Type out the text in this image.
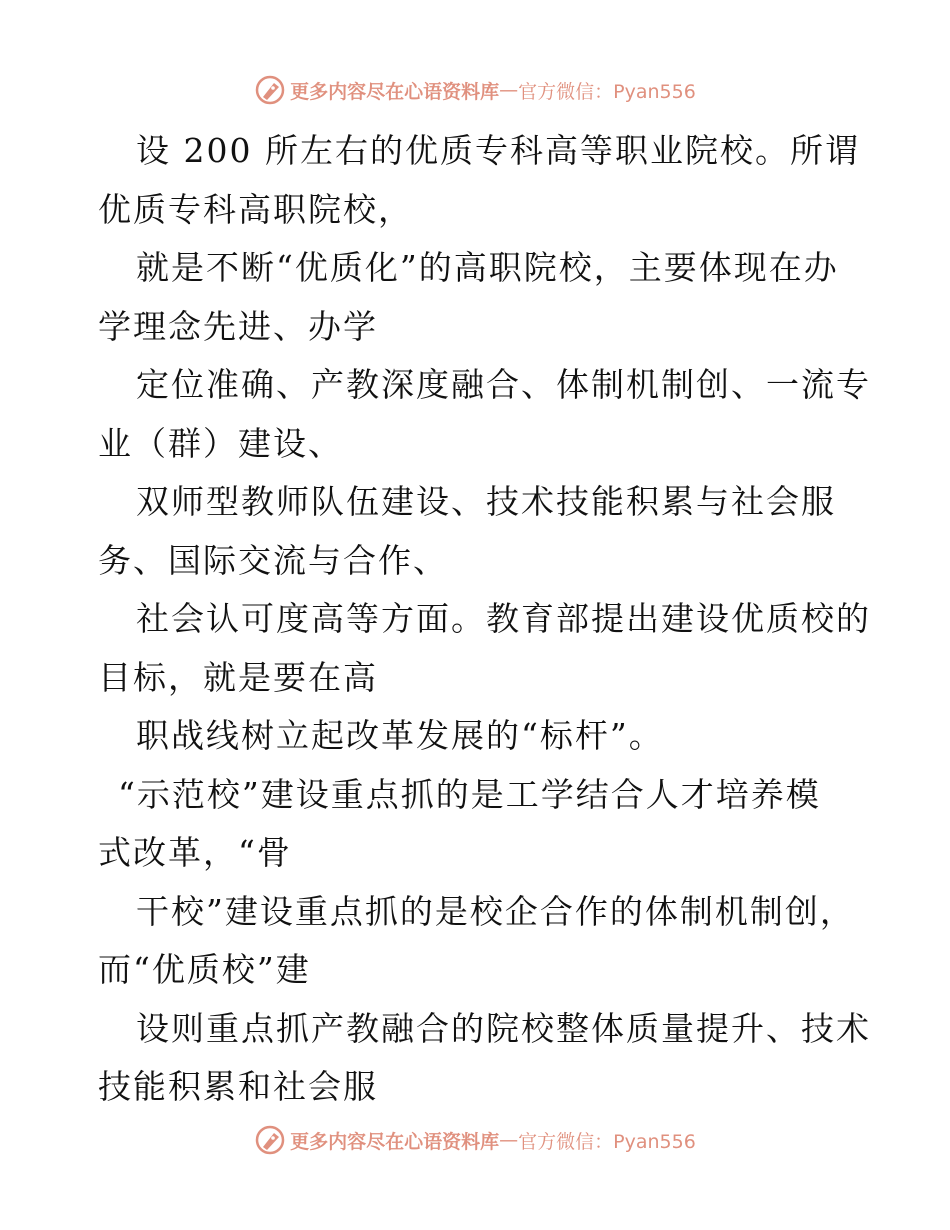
更多内容尽在心语资料库 — 官方微信：Pyan556
设 200 所左右的优质专科高等职业院校。所谓
优质专科高职院校，
就是不断“优质化”的高职院校，主要体现在办
学理念先进、办学
定位准确、产教深度融合、体制机制创、一流专
业（群）建设、
双师型教师队伍建设、技术技能积累与社会服
务、国际交流与合作、
社会认可度高等方面。教育部提出建设优质校的
目标，就是要在高
职战线树立起改革发展的“标杆”。
“示范校”建设重点抓的是工学结合人才培养模
式改革，“骨
干校”建设重点抓的是校企合作的体制机制创，
而“优质校”建
设则重点抓产教融合的院校整体质量提升、技术
技能积累和社会服
更多内容尽在心语资料库 — 官方微信：Pyan556
